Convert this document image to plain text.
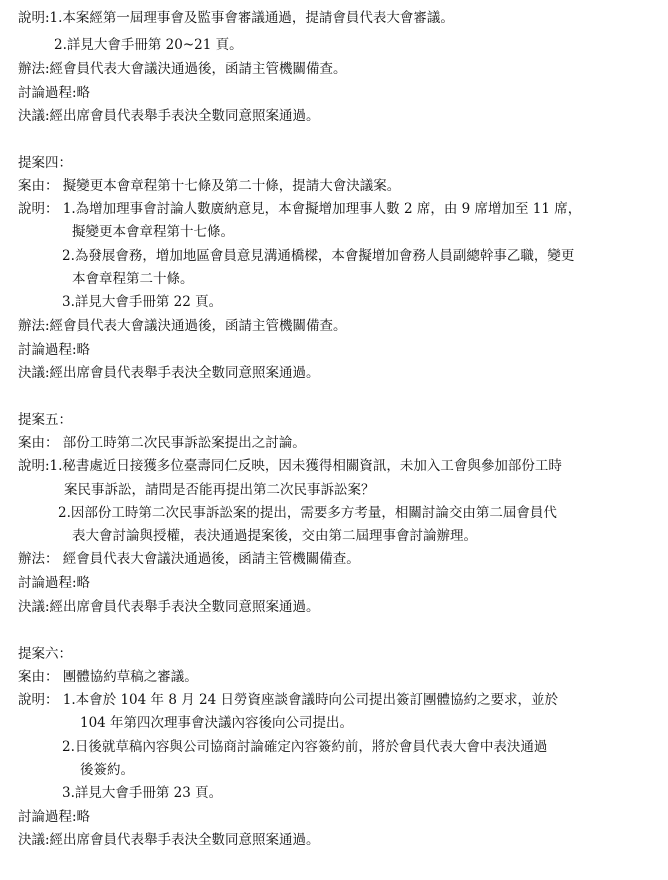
說明:1.本案經第一屆理事會及監事會審議通過，提請會員代表大會審議。
2.詳見大會手冊第 20~21 頁。
辦法:經會員代表大會議決通過後，函請主管機關備查。
討論過程:略
決議:經出席會員代表舉手表決全數同意照案通過。
提案四：
案由： 擬變更本會章程第十七條及第二十條，提請大會決議案。
說明： 1.為增加理事會討論人數廣納意見，本會擬增加理事人數 2 席，由 9 席增加至 11 席，
擬變更本會章程第十七條。
2.為發展會務，增加地區會員意見溝通橋樑，本會擬增加會務人員副總幹事乙職，變更
本會章程第二十條。
3.詳見大會手冊第 22 頁。
辦法:經會員代表大會議決通過後，函請主管機關備查。
討論過程:略
決議:經出席會員代表舉手表決全數同意照案通過。
提案五：
案由： 部份工時第二次民事訴訟案提出之討論。
說明:1.秘書處近日接獲多位臺壽同仁反映，因未獲得相關資訊，未加入工會與參加部份工時
案民事訴訟，請問是否能再提出第二次民事訴訟案？
2.因部份工時第二次民事訴訟案的提出，需要多方考量，相關討論交由第二屆會員代
表大會討論與授權，表決通過提案後，交由第二屆理事會討論辦理。
辦法： 經會員代表大會議決通過後，函請主管機關備查。
討論過程:略
決議:經出席會員代表舉手表決全數同意照案通過。
提案六：
案由： 團體協約草稿之審議。
說明： 1.本會於 104 年 8 月 24 日勞資座談會議時向公司提出簽訂團體協約之要求，並於
104 年第四次理事會決議內容後向公司提出。
2.日後就草稿內容與公司協商討論確定內容簽約前，將於會員代表大會中表決通過
後簽約。
3.詳見大會手冊第 23 頁。
討論過程:略
決議:經出席會員代表舉手表決全數同意照案通過。
